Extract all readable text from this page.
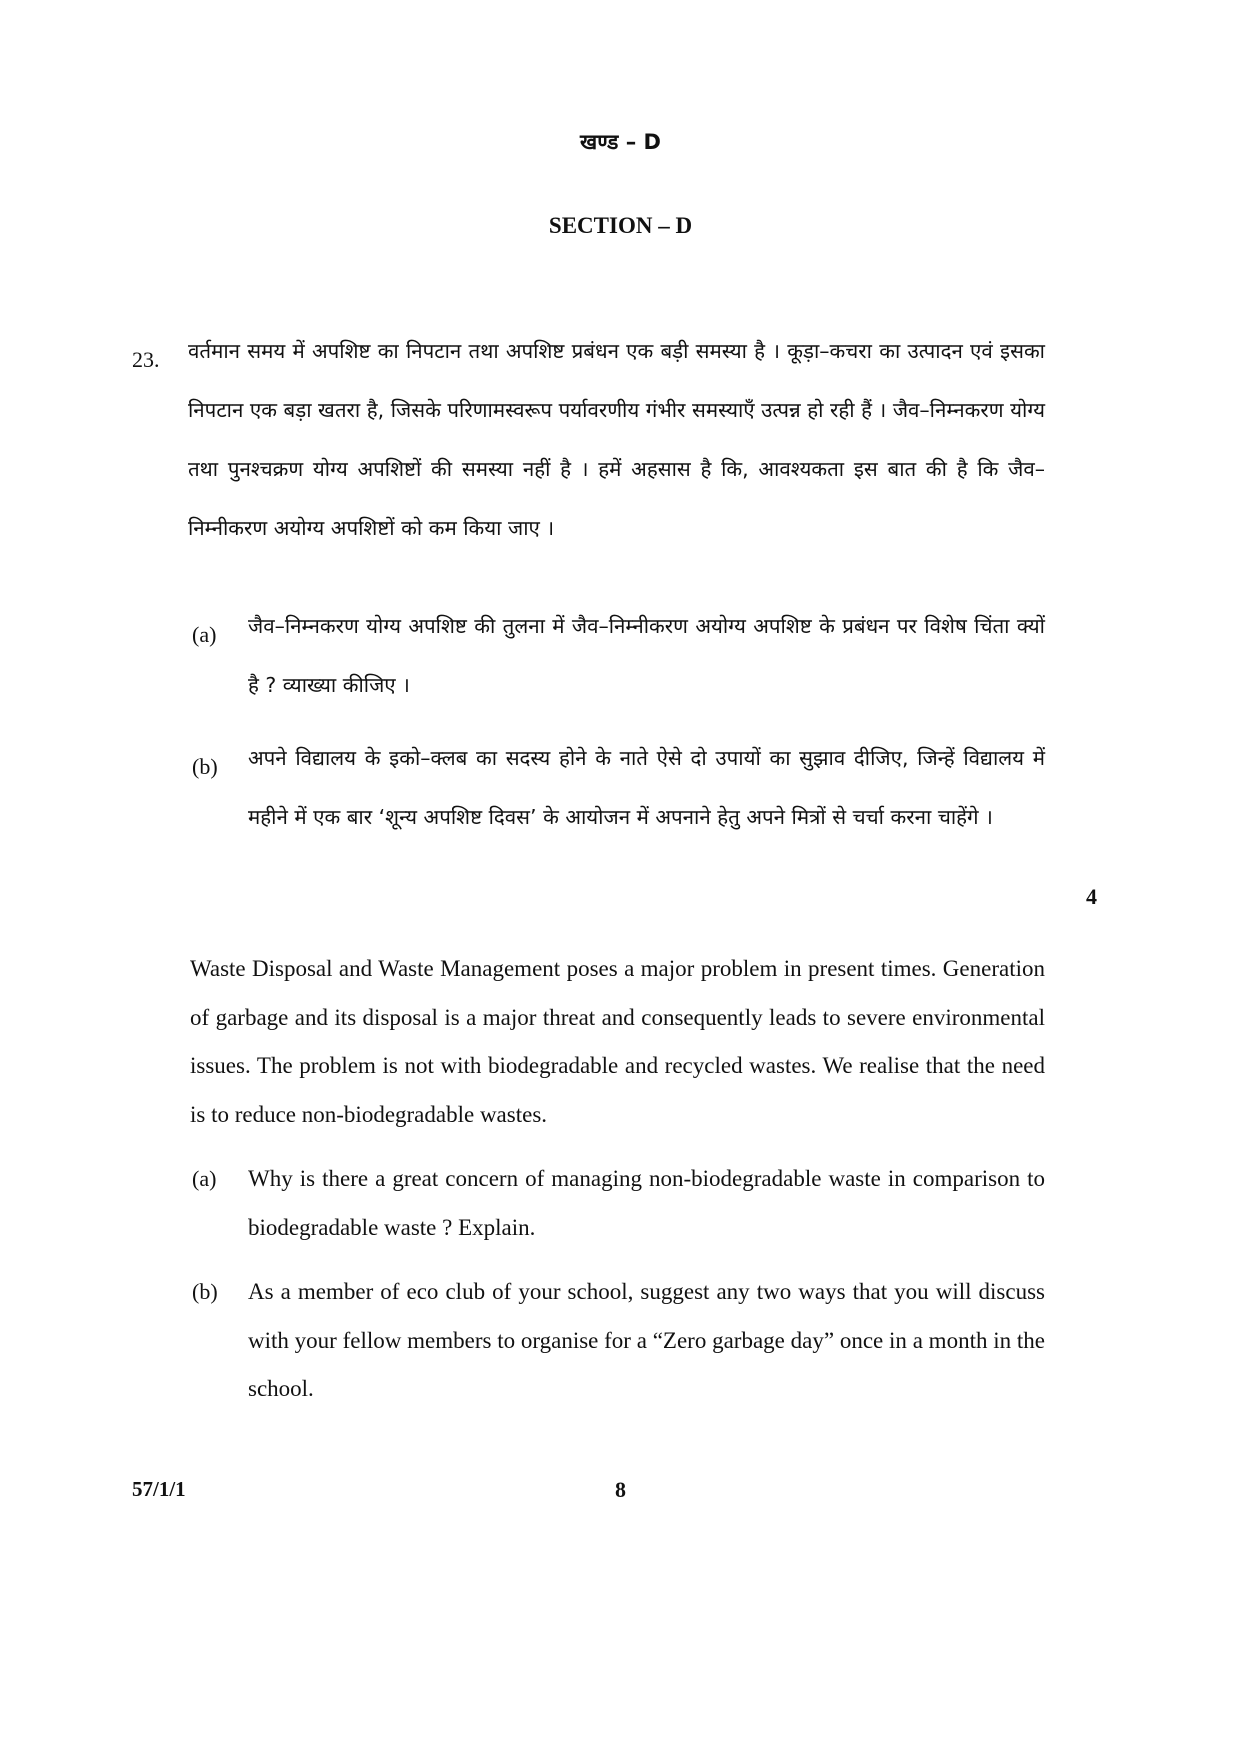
खण्ड – D
SECTION – D
23. वर्तमान समय में अपशिष्ट का निपटान तथा अपशिष्ट प्रबंधन एक बड़ी समस्या है । कूड़ा–कचरा का उत्पादन एवं इसका निपटान एक बड़ा खतरा है, जिसके परिणामस्वरूप पर्यावरणीय गंभीर समस्याएँ उत्पन्न हो रही हैं । जैव–निम्नकरण योग्य तथा पुनश्चक्रण योग्य अपशिष्टों की समस्या नहीं है । हमें अहसास है कि, आवश्यकता इस बात की है कि जैव–निम्नीकरण अयोग्य अपशिष्टों को कम किया जाए ।

(a) जैव–निम्नकरण योग्य अपशिष्ट की तुलना में जैव–निम्नीकरण अयोग्य अपशिष्ट के प्रबंधन पर विशेष चिंता क्यों है ? व्याख्या कीजिए ।

(b) अपने विद्यालय के इको–क्लब का सदस्य होने के नाते ऐसे दो उपायों का सुझाव दीजिए, जिन्हें विद्यालय में महीने में एक बार ‘शून्य अपशिष्ट दिवस’ के आयोजन में अपनाने हेतु अपने मित्रों से चर्चा करना चाहेंगे ।

4

Waste Disposal and Waste Management poses a major problem in present times. Generation of garbage and its disposal is a major threat and consequently leads to severe environmental issues. The problem is not with biodegradable and recycled wastes. We realise that the need is to reduce non-biodegradable wastes.

(a) Why is there a great concern of managing non-biodegradable waste in comparison to biodegradable waste ? Explain.

(b) As a member of eco club of your school, suggest any two ways that you will discuss with your fellow members to organise for a “Zero garbage day” once in a month in the school.

57/1/1	8
